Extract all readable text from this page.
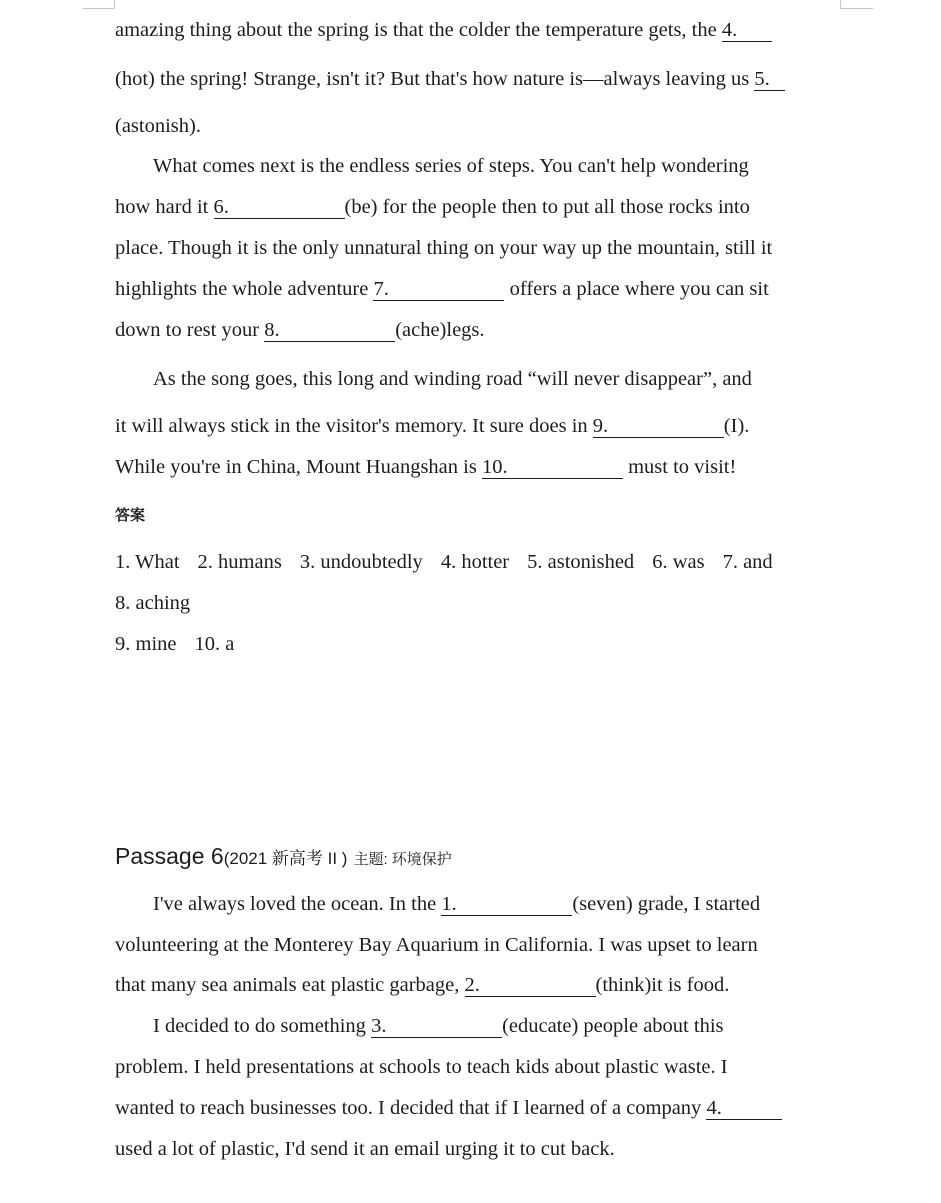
amazing thing about the spring is that the colder the temperature gets, the 4.
(hot) the spring! Strange, isn't it? But that's how nature is—always leaving us 5.
(astonish).
What comes next is the endless series of steps. You can't help wondering
how hard it 6.	(be) for the people then to put all those rocks into
place. Though it is the only unnatural thing on your way up the mountain, still it
highlights the whole adventure 7.	offers a place where you can sit
down to rest your 8.	(ache)legs.
As the song goes, this long and winding road “will never disappear”, and
it will always stick in the visitor's memory. It sure does in 9.	(I).
While you're in China, Mount Huangshan is 10.	must to visit!
答案
1. What 2. humans 3. undoubtedly 4. hotter 5. astonished 6. was 7. and
8. aching
9. mine 10. a
Passage 6(2021 新高考 II ) 主题: 环境保护
I've always loved the ocean. In the 1.	(seven) grade, I started
volunteering at the Monterey Bay Aquarium in California. I was upset to learn
that many sea animals eat plastic garbage, 2.	(think)it is food.
I decided to do something 3.	(educate) people about this
problem. I held presentations at schools to teach kids about plastic waste. I
wanted to reach businesses too. I decided that if I learned of a company 4.
used a lot of plastic, I'd send it an email urging it to cut back.
